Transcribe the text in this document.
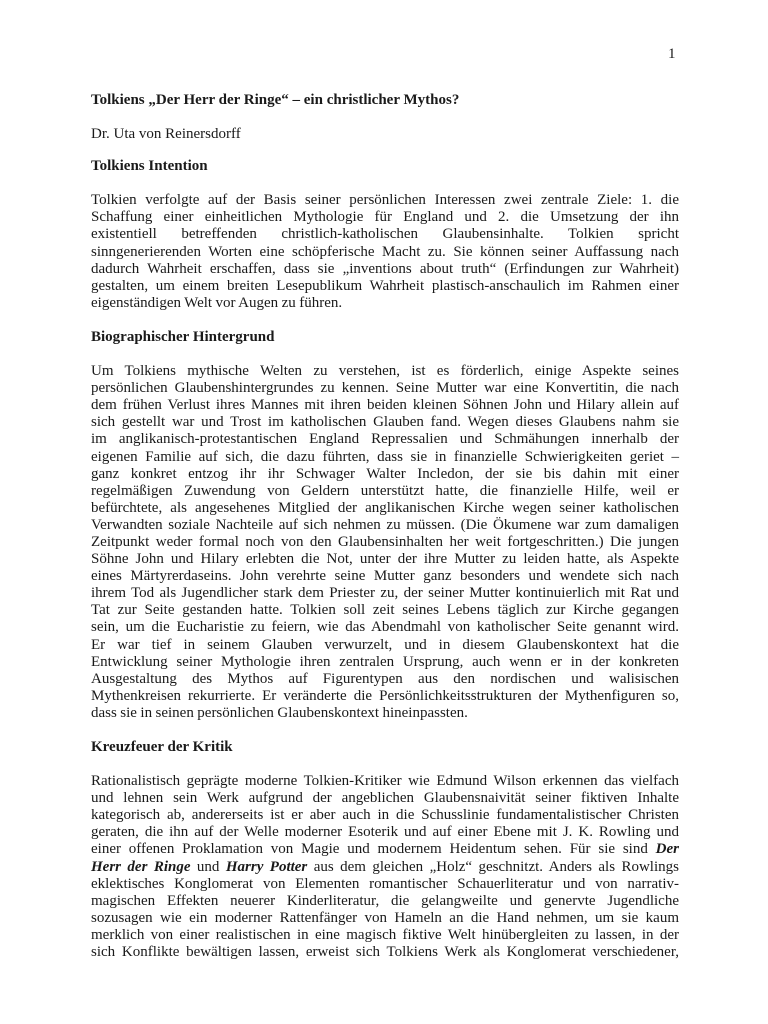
1
Tolkiens „Der Herr der Ringe“ – ein christlicher Mythos?
Dr. Uta von Reinersdorff
Tolkiens Intention
Tolkien verfolgte auf der Basis seiner persönlichen Interessen zwei zentrale Ziele: 1. die
Schaffung einer einheitlichen Mythologie für England und 2. die Umsetzung der ihn
existentiell betreffenden christlich-katholischen Glaubensinhalte. Tolkien spricht
sinngenerierenden Worten eine schöpferische Macht zu. Sie können seiner Auffassung nach
dadurch Wahrheit erschaffen, dass sie „inventions about truth“ (Erfindungen zur Wahrheit)
gestalten, um einem breiten Lesepublikum Wahrheit plastisch-anschaulich im Rahmen einer
eigenständigen Welt vor Augen zu führen.
Biographischer Hintergrund
Um Tolkiens mythische Welten zu verstehen, ist es förderlich, einige Aspekte seines
persönlichen Glaubenshintergrundes zu kennen. Seine Mutter war eine Konvertitin, die nach
dem frühen Verlust ihres Mannes mit ihren beiden kleinen Söhnen John und Hilary allein auf
sich gestellt war und Trost im katholischen Glauben fand. Wegen dieses Glaubens nahm sie
im anglikanisch-protestantischen England Repressalien und Schmähungen innerhalb der
eigenen Familie auf sich, die dazu führten, dass sie in finanzielle Schwierigkeiten geriet –
ganz konkret entzog ihr ihr Schwager Walter Incledon, der sie bis dahin mit einer
regelmäßigen Zuwendung von Geldern unterstützt hatte, die finanzielle Hilfe, weil er
befürchtete, als angesehenes Mitglied der anglikanischen Kirche wegen seiner katholischen
Verwandten soziale Nachteile auf sich nehmen zu müssen. (Die Ökumene war zum damaligen
Zeitpunkt weder formal noch von den Glaubensinhalten her weit fortgeschritten.) Die jungen
Söhne John und Hilary erlebten die Not, unter der ihre Mutter zu leiden hatte, als Aspekte
eines Märtyrerdaseins. John verehrte seine Mutter ganz besonders und wendete sich nach
ihrem Tod als Jugendlicher stark dem Priester zu, der seiner Mutter kontinuierlich mit Rat und
Tat zur Seite gestanden hatte. Tolkien soll zeit seines Lebens täglich zur Kirche gegangen
sein, um die Eucharistie zu feiern, wie das Abendmahl von katholischer Seite genannt wird.
Er war tief in seinem Glauben verwurzelt, und in diesem Glaubenskontext hat die
Entwicklung seiner Mythologie ihren zentralen Ursprung, auch wenn er in der konkreten
Ausgestaltung des Mythos auf Figurentypen aus den nordischen und walisischen
Mythenkreisen rekurrierte. Er veränderte die Persönlichkeitsstrukturen der Mythenfiguren so,
dass sie in seinen persönlichen Glaubenskontext hineinpassten.
Kreuzfeuer der Kritik
Rationalistisch geprägte moderne Tolkien-Kritiker wie Edmund Wilson erkennen das vielfach
und lehnen sein Werk aufgrund der angeblichen Glaubensnaivität seiner fiktiven Inhalte
kategorisch ab, andererseits ist er aber auch in die Schusslinie fundamentalistischer Christen
geraten, die ihn auf der Welle moderner Esoterik und auf einer Ebene mit J. K. Rowling und
einer offenen Proklamation von Magie und modernem Heidentum sehen. Für sie sind Der
Herr der Ringe und Harry Potter aus dem gleichen „Holz“ geschnitzt. Anders als Rowlings
eklektisches Konglomerat von Elementen romantischer Schauerliteratur und von narrativ-
magischen Effekten neuerer Kinderliteratur, die gelangweilte und genervte Jugendliche
sozusagen wie ein moderner Rattenfänger von Hameln an die Hand nehmen, um sie kaum
merklich von einer realistischen in eine magisch fiktive Welt hinübergleiten zu lassen, in der
sich Konflikte bewältigen lassen, erweist sich Tolkiens Werk als Konglomerat verschiedener,
